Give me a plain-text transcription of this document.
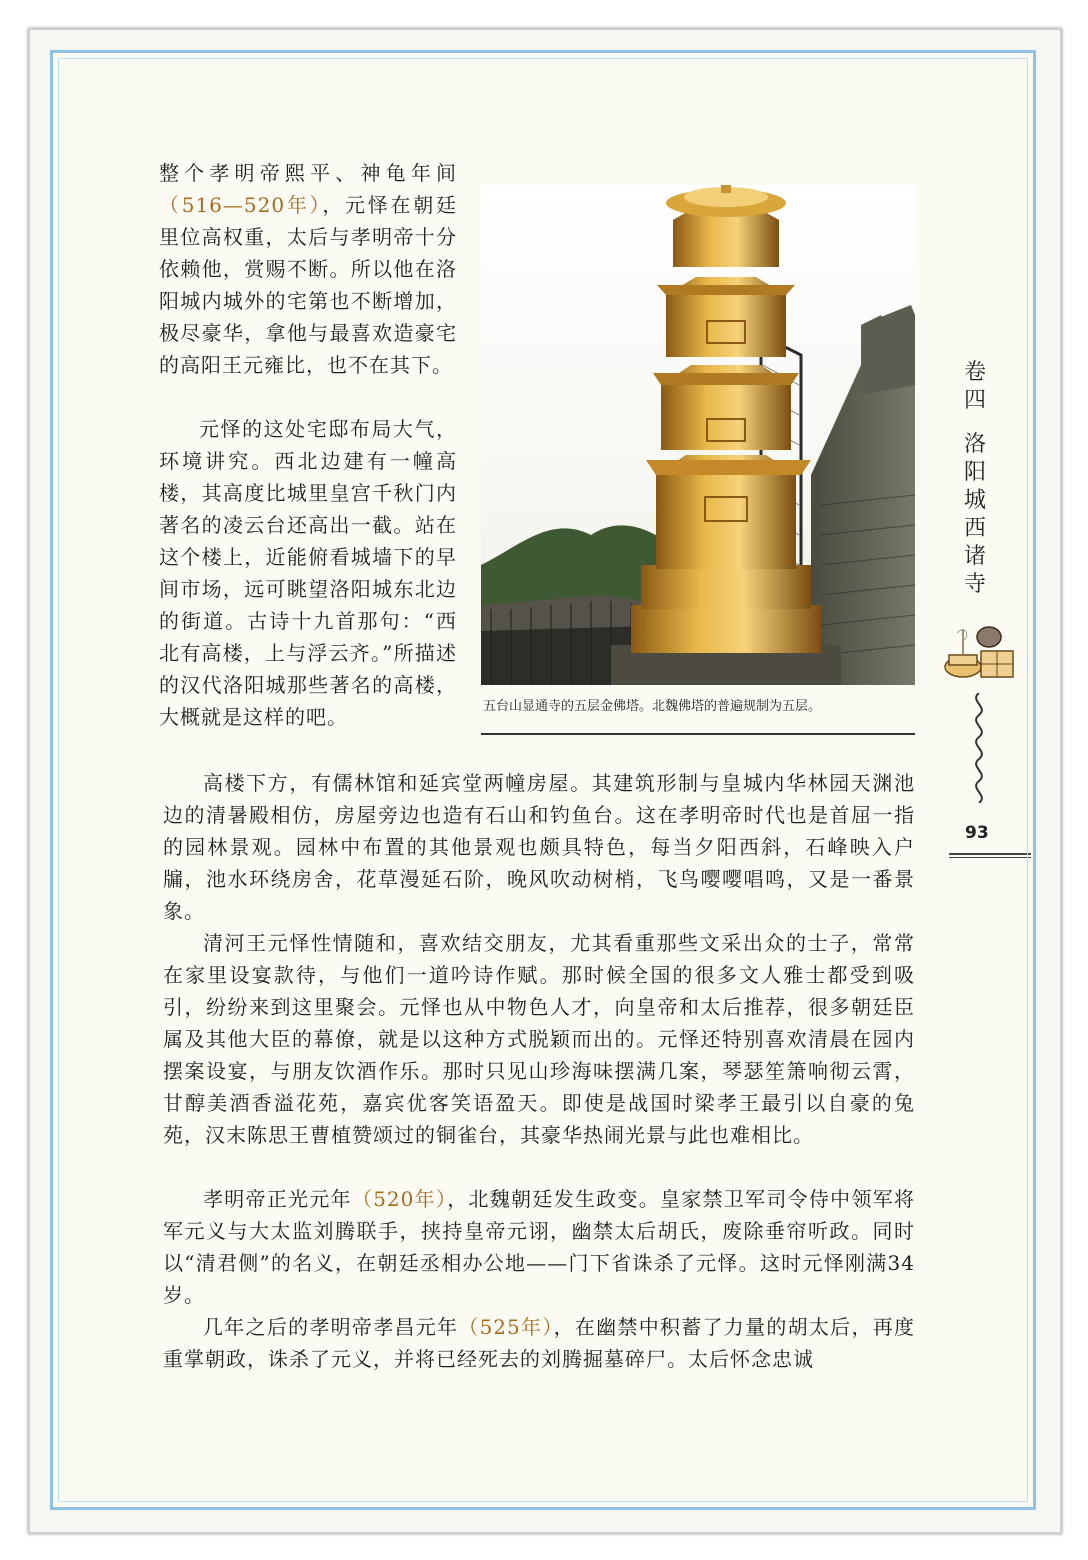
整个孝明帝熙平、神龟年间（516—520年），元怿在朝廷里位高权重，太后与孝明帝十分依赖他，赏赐不断。所以他在洛阳城内城外的宅第也不断增加，极尽豪华，拿他与最喜欢造豪宅的高阳王元雍比，也不在其下。

元怿的这处宅邸布局大气，环境讲究。西北边建有一幢高楼，其高度比城里皇宫千秋门内著名的凌云台还高出一截。站在这个楼上，近能俯看城墙下的早间市场，远可眺望洛阳城东北边的街道。古诗十九首那句：“西北有高楼，上与浮云齐。”所描述的汉代洛阳城那些著名的高楼，大概就是这样的吧。	五台山显通寺的五层金佛塔。北魏佛塔的普遍规制为五层。

高楼下方，有儒林馆和延宾堂两幢房屋。其建筑形制与皇城内华林园天渊池边的清暑殿相仿，房屋旁边也造有石山和钓鱼台。这在孝明帝时代也是首屈一指的园林景观。园林中布置的其他景观也颇具特色，每当夕阳西斜，石峰映入户牖，池水环绕房舍，花草漫延石阶，晚风吹动树梢，飞鸟嘤嘤唱鸣，又是一番景象。

清河王元怿性情随和，喜欢结交朋友，尤其看重那些文采出众的士子，常常在家里设宴款待，与他们一道吟诗作赋。那时候全国的很多文人雅士都受到吸引，纷纷来到这里聚会。元怿也从中物色人才，向皇帝和太后推荐，很多朝廷臣属及其他大臣的幕僚，就是以这种方式脱颖而出的。元怿还特别喜欢清晨在园内摆案设宴，与朋友饮酒作乐。那时只见山珍海味摆满几案，琴瑟笙箫响彻云霄，甘醇美酒香溢花苑，嘉宾优客笑语盈天。即使是战国时梁孝王最引以自豪的兔苑，汉末陈思王曹植赞颂过的铜雀台，其豪华热闹光景与此也难相比。

孝明帝正光元年（520年），北魏朝廷发生政变。皇家禁卫军司令侍中领军将军元义与大太监刘腾联手，挟持皇帝元诩，幽禁太后胡氏，废除垂帘听政。同时以“清君侧”的名义，在朝廷丞相办公地——门下省诛杀了元怿。这时元怿刚满34岁。

几年之后的孝明帝孝昌元年（525年），在幽禁中积蓄了力量的胡太后，再度重掌朝政，诛杀了元义，并将已经死去的刘腾掘墓碎尸。太后怀念忠诚

卷
四
洛
阳
城
西
诸
寺
93
